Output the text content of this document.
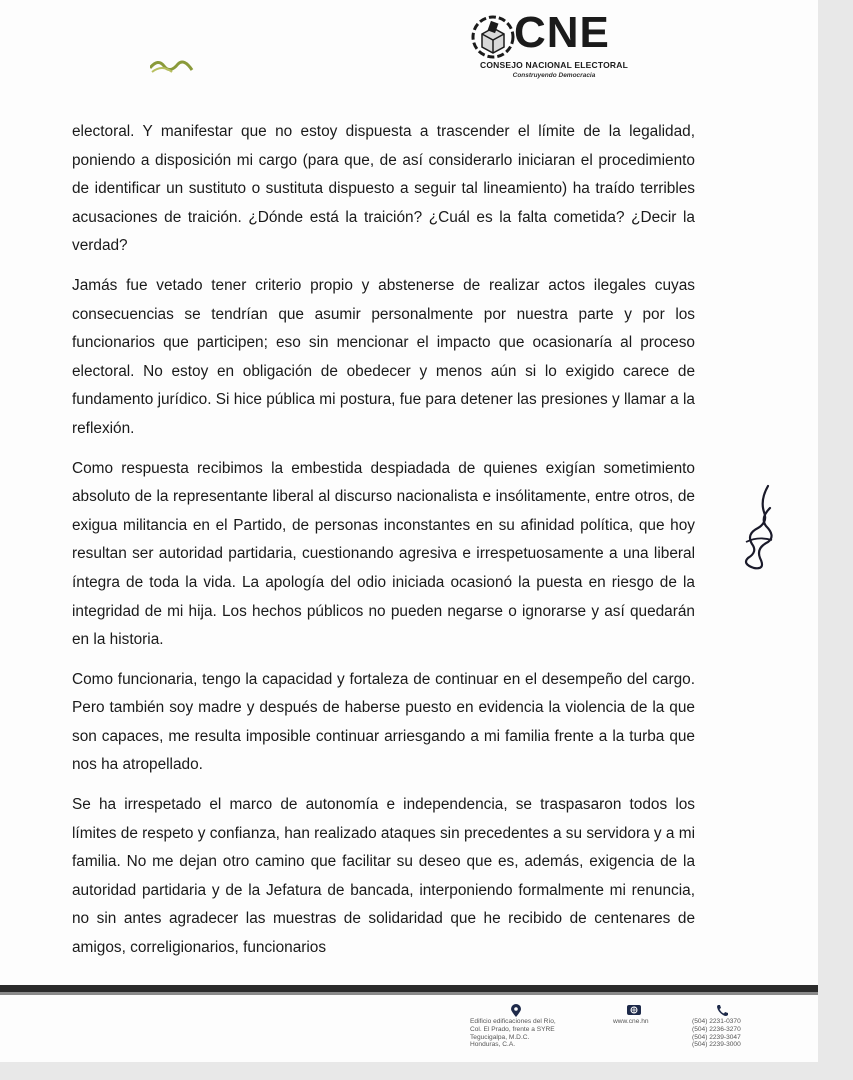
CNE
CONSEJO NACIONAL ELECTORAL
Construyendo Democracia

electoral. Y manifestar que no estoy dispuesta a trascender el límite de la legalidad, poniendo a disposición mi cargo (para que, de así considerarlo iniciaran el procedimiento de identificar un sustituto o sustituta dispuesto a seguir tal lineamiento) ha traído terribles acusaciones de traición. ¿Dónde está la traición? ¿Cuál es la falta cometida? ¿Decir la verdad?

Jamás fue vetado tener criterio propio y abstenerse de realizar actos ilegales cuyas consecuencias se tendrían que asumir personalmente por nuestra parte y por los funcionarios que participen; eso sin mencionar el impacto que ocasionaría al proceso electoral. No estoy en obligación de obedecer y menos aún si lo exigido carece de fundamento jurídico. Si hice pública mi postura, fue para detener las presiones y llamar a la reflexión.

Como respuesta recibimos la embestida despiadada de quienes exigían sometimiento absoluto de la representante liberal al discurso nacionalista e insólitamente, entre otros, de exigua militancia en el Partido, de personas inconstantes en su afinidad política, que hoy resultan ser autoridad partidaria, cuestionando agresiva e irrespetuosamente a una liberal íntegra de toda la vida. La apología del odio iniciada ocasionó la puesta en riesgo de la integridad de mi hija. Los hechos públicos no pueden negarse o ignorarse y así quedarán en la historia.

Como funcionaria, tengo la capacidad y fortaleza de continuar en el desempeño del cargo. Pero también soy madre y después de haberse puesto en evidencia la violencia de la que son capaces, me resulta imposible continuar arriesgando a mi familia frente a la turba que nos ha atropellado.

Se ha irrespetado el marco de autonomía e independencia, se traspasaron todos los límites de respeto y confianza, han realizado ataques sin precedentes a su servidora y a mi familia. No me dejan otro camino que facilitar su deseo que es, además, exigencia de la autoridad partidaria y de la Jefatura de bancada, interponiendo formalmente mi renuncia, no sin antes agradecer las muestras de solidaridad que he recibido de centenares de amigos, correligionarios, funcionarios

Edificio edificaciones del Río,
Col. El Prado, frente a SYRE
Tegucigalpa, M.D.C.
Honduras, C.A.
www.cne.hn	(504) 2231-0370
(504) 2236-3270
(504) 2239-3047
(504) 2239-3000
